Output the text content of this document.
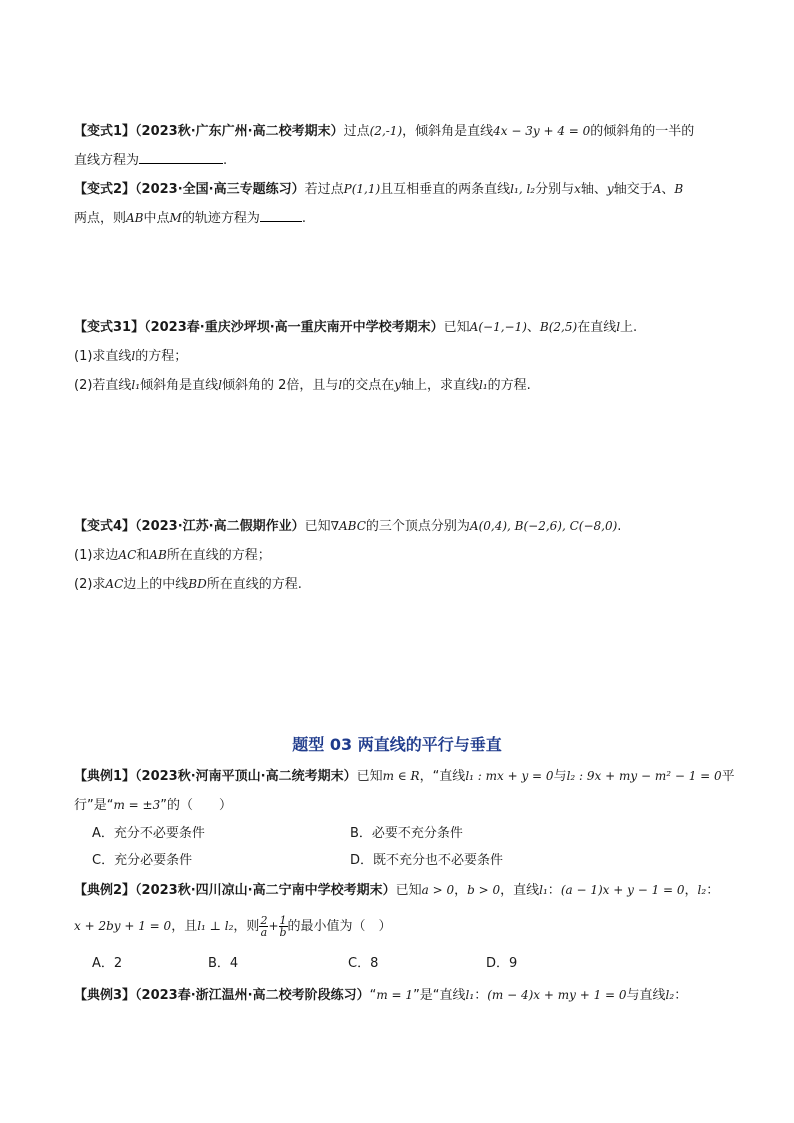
【变式1】（2023秋·广东广州·高二校考期末）过点(2,-1)，倾斜角是直线4x − 3y + 4 = 0的倾斜角的一半的
直线方程为	.
【变式2】（2023·全国·高三专题练习）若过点P(1,1)且互相垂直的两条直线l₁, l₂分别与x轴、y轴交于A、B
两点，则AB中点M的轨迹方程为	.
【变式31】（2023春·重庆沙坪坝·高一重庆南开中学校考期末）已知A(−1,−1)、B(2,5)在直线l上.
(1)求直线l的方程；
(2)若直线l₁倾斜角是直线l倾斜角的 2倍，且与l的交点在y轴上，求直线l₁的方程.
【变式4】（2023·江苏·高二假期作业）已知∇ABC的三个顶点分别为A(0,4), B(−2,6), C(−8,0).
(1)求边AC和AB所在直线的方程；
(2)求AC边上的中线BD所在直线的方程.
题型 03 两直线的平行与垂直
【典例1】（2023秋·河南平顶山·高二统考期末）已知m ∈ R，“直线l₁ : mx + y = 0与l₂ : 9x + my − m² − 1 = 0平
行”是“m = ±3”的（　　）
A．充分不必要条件	B．必要不充分条件
C．充分必要条件	D．既不充分也不必要条件
【典例2】（2023秋·四川凉山·高二宁南中学校考期末）已知a > 0，b > 0，直线l₁：(a − 1)x + y − 1 = 0，l₂：
x + 2by + 1 = 0，且l₁ ⊥ l₂，则 $\frac{2}{a} + \frac{1}{b}$ 的最小值为（　）
A．2	B．4	C．8	D．9
【典例3】（2023春·浙江温州·高二校考阶段练习）“m = 1”是“直线l₁：(m − 4)x + my + 1 = 0与直线l₂：
